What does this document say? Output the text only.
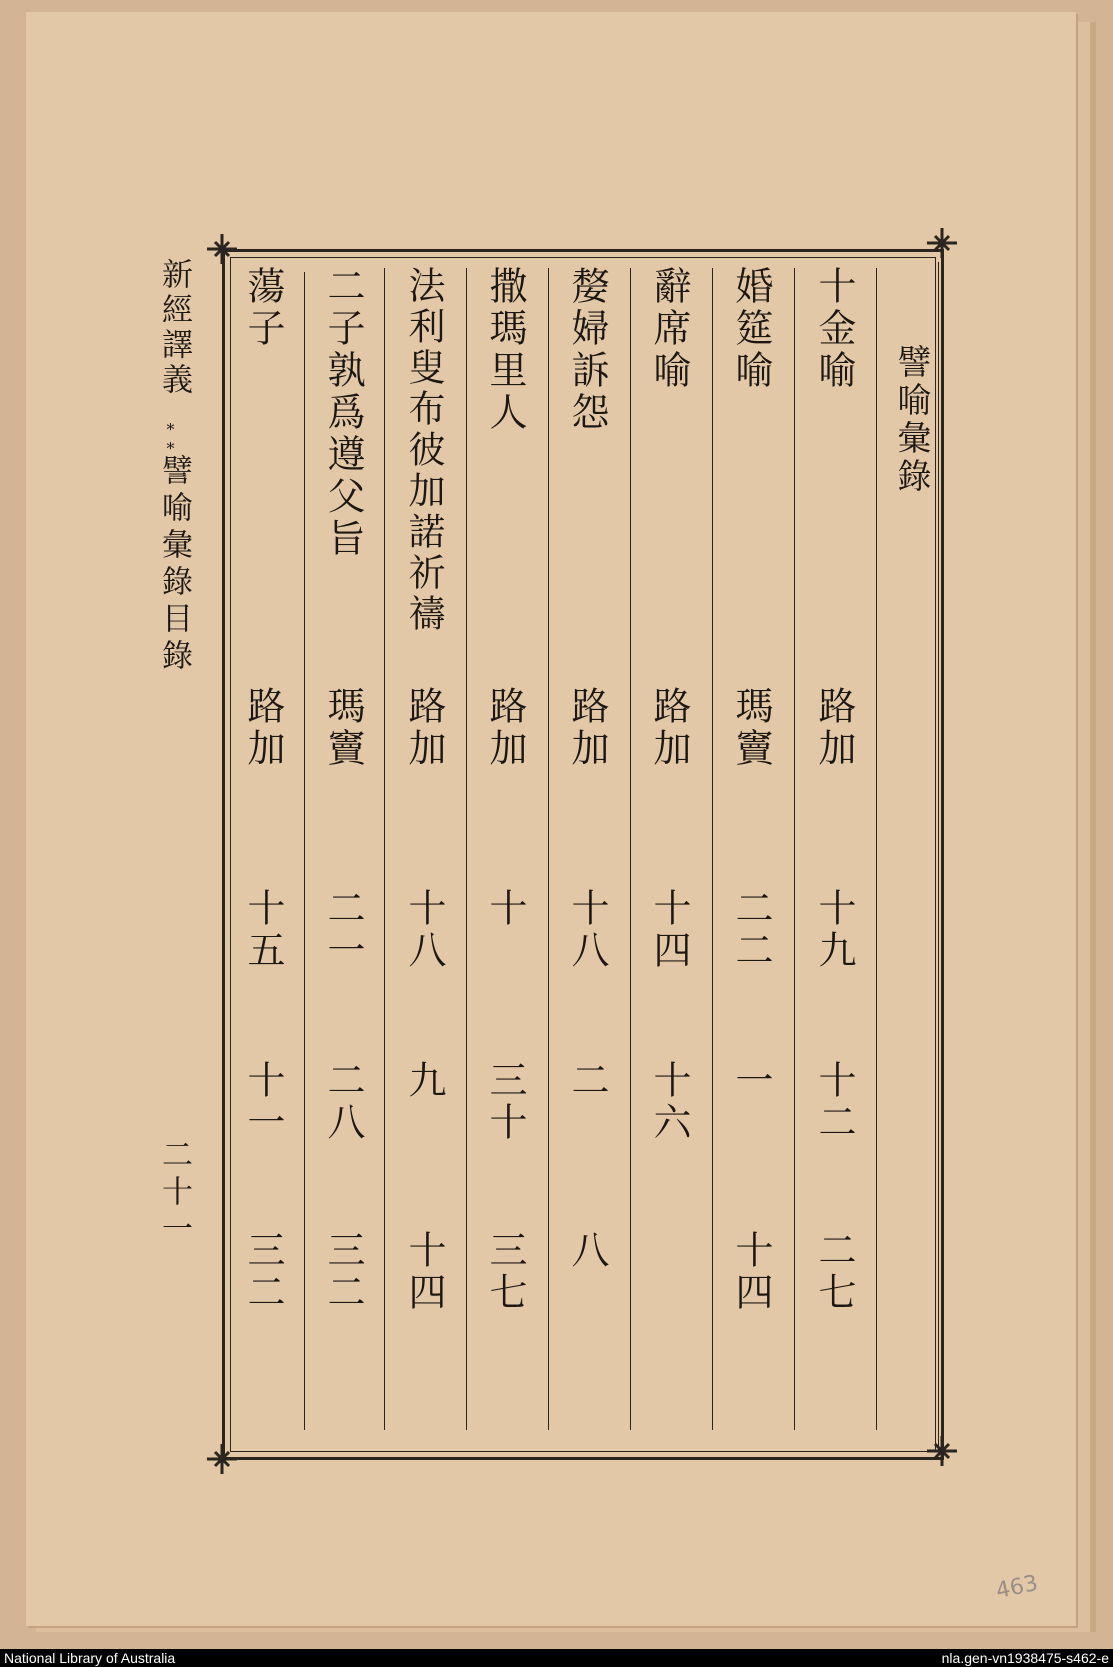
新經譯義
**
譬喻彙錄目錄
二十一
譬喻彙錄
十金喻
路加
十九
十二
二七
婚筵喻
瑪竇
二二
一
十四
辭席喻
路加
十四
十六
嫠婦訴怨
路加
十八
二
八
撒瑪里人
路加
十
三十
三七
法利叟布彼加諾祈禱
路加
十八
九
十四
二子孰爲遵父旨
瑪竇
二一
二八
三二
蕩子
路加
十五
十一
三二
463
National Library of Australia	nla.gen-vn1938475-s462-e
